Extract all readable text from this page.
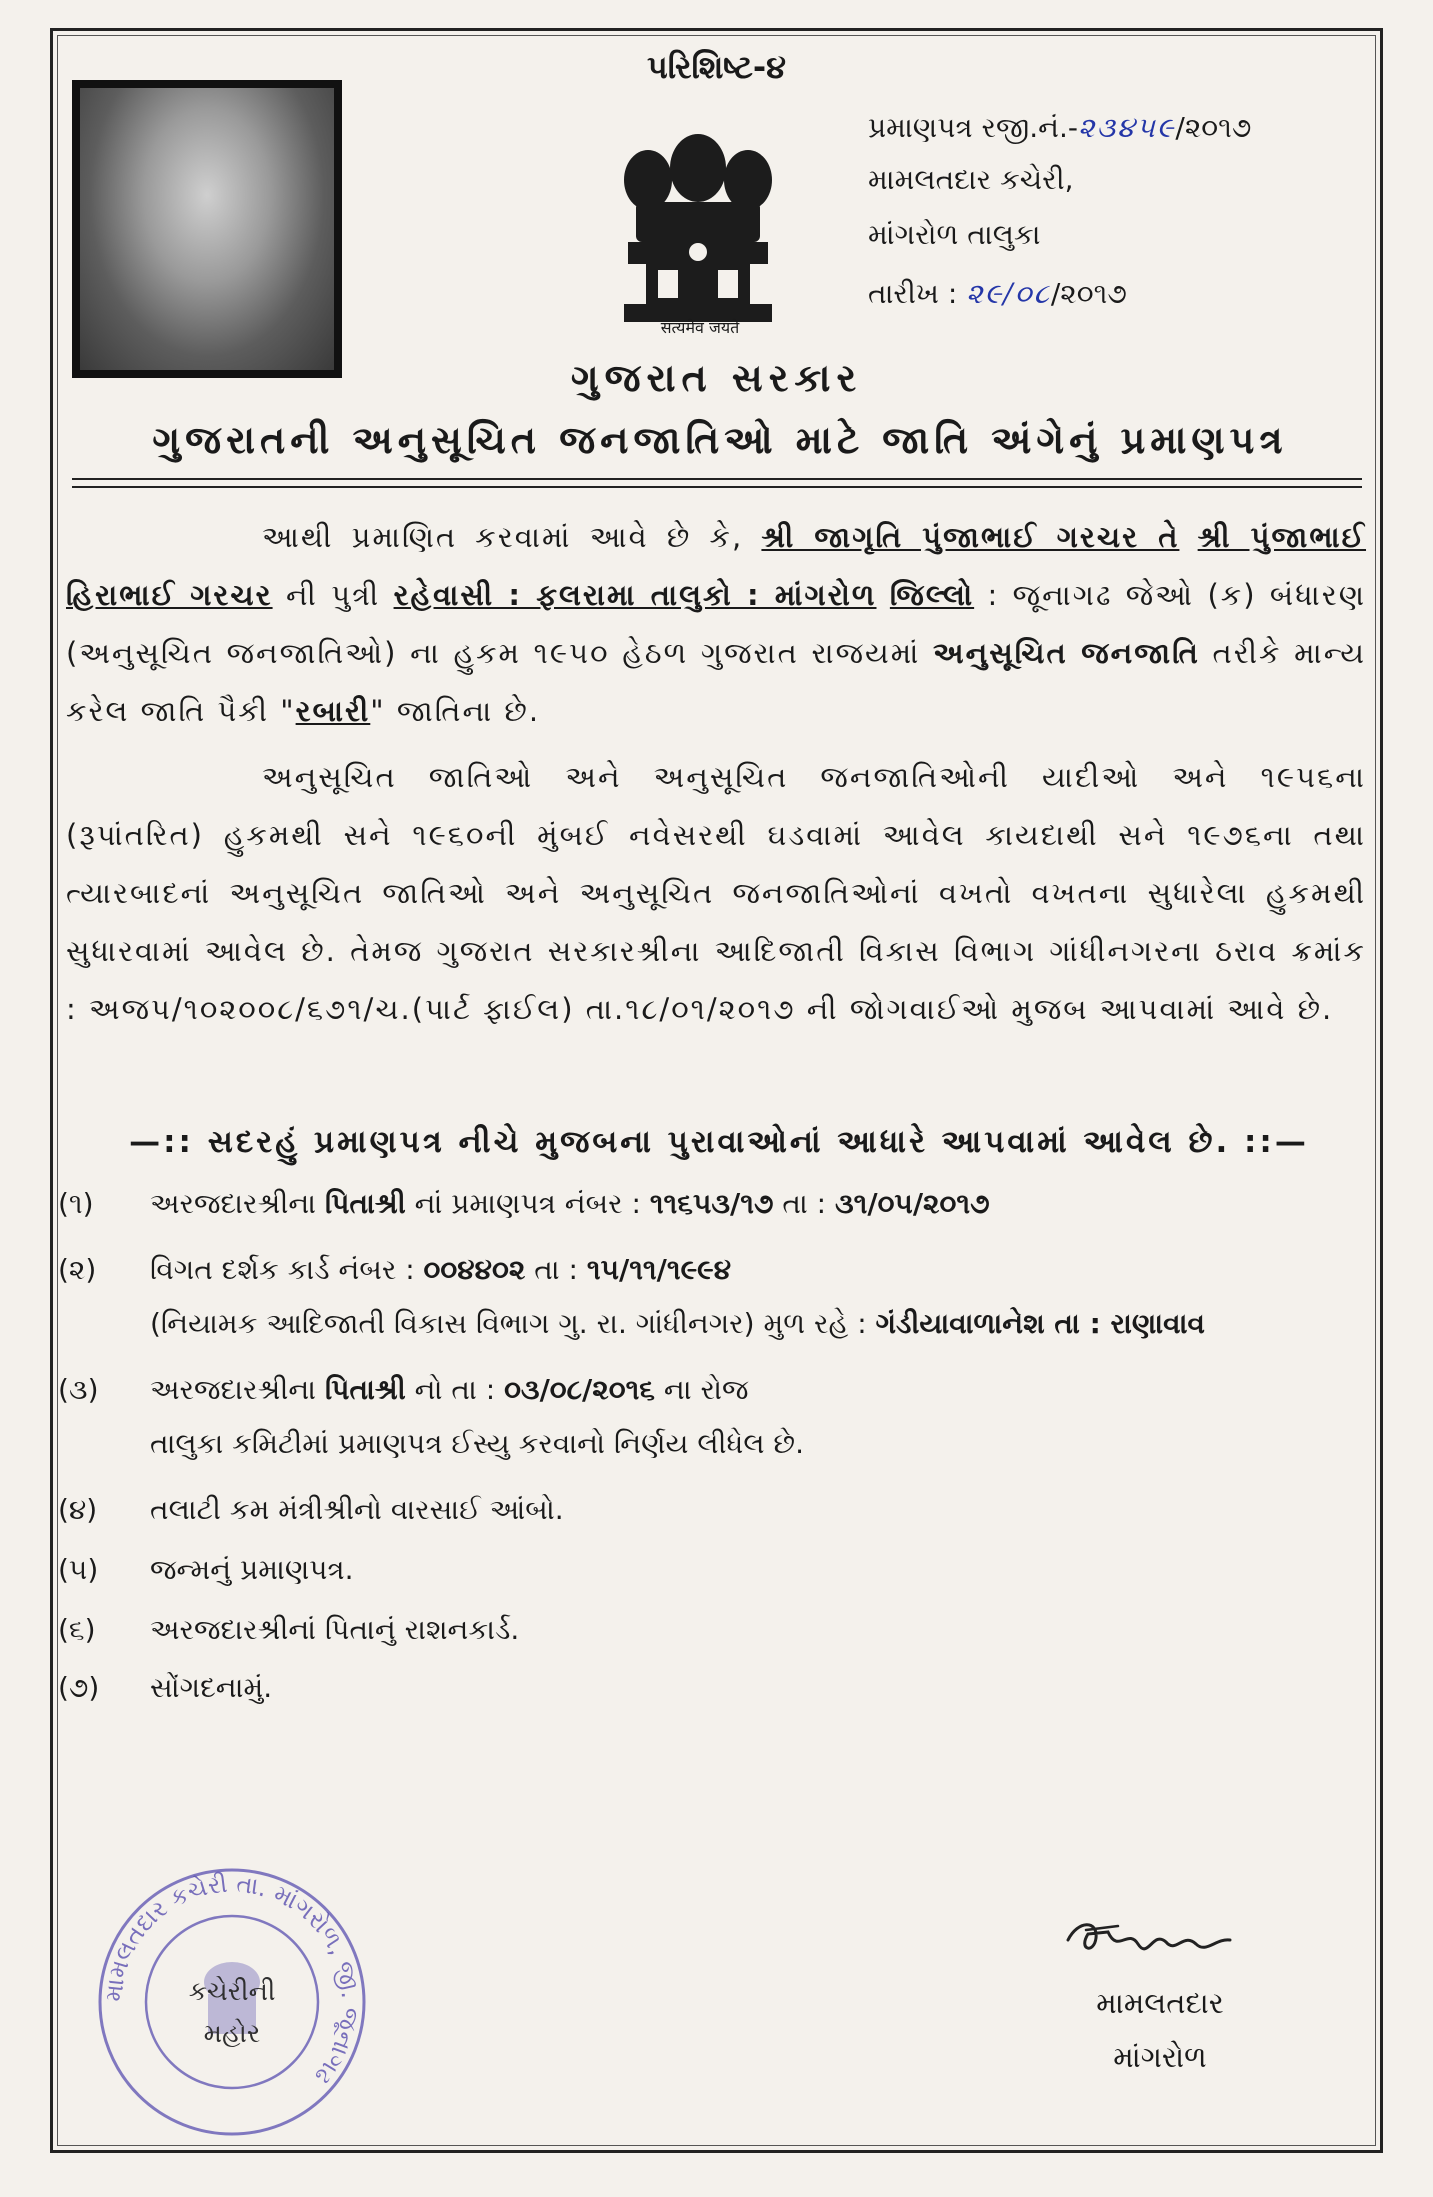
પરિશિષ્ટ-૪
सत्यमेव जयते
પ્રમાણપત્ર રજી.નં.-૨૩૪૫૯/૨૦૧૭
મામલતદાર કચેરી,
માંગરોળ તાલુકા
તારીખ : ૨૯/૦૮/૨૦૧૭
ગુજરાત સરકાર
ગુજરાતની અનુસૂચિત જનજાતિઓ માટે જાતિ અંગેનું પ્રમાણપત્ર

આથી પ્રમાણિત કરવામાં આવે છે કે, શ્રી જાગૃતિ પુંજાભાઈ ગરચર તે શ્રી પુંજાભાઈ હિરાભાઈ ગરચર ની પુત્રી રહેવાસી : ફલરામા તાલુકો : માંગરોળ જિલ્લો : જૂનાગઢ જેઓ (ક) બંધારણ (અનુસૂચિત જનજાતિઓ) ના હુકમ ૧૯૫૦ હેઠળ ગુજરાત રાજયમાં અનુસૂચિત જનજાતિ તરીકે માન્ય કરેલ જાતિ પૈકી "રબારી" જાતિના છે.

અનુસૂચિત જાતિઓ અને અનુસૂચિત જનજાતિઓની યાદીઓ અને ૧૯૫૬ના (રૂપાંતરિત) હુકમથી સને ૧૯૬૦ની મુંબઈ નવેસરથી ઘડવામાં આવેલ કાયદાથી સને ૧૯૭૬ના તથા ત્યારબાદનાં અનુસૂચિત જાતિઓ અને અનુસૂચિત જનજાતિઓનાં વખતો વખતના સુધારેલા હુકમથી સુધારવામાં આવેલ છે. તેમજ ગુજરાત સરકારશ્રીના આદિજાતી વિકાસ વિભાગ ગાંધીનગરના ઠરાવ ક્રમાંક : અજપ/૧૦૨૦૦૮/૬૭૧/ચ.(પાર્ટ ફાઈલ) તા.૧૮/૦૧/૨૦૧૭ ની જોગવાઈઓ મુજબ આપવામાં આવે છે.

—:: સદરહું પ્રમાણપત્ર નીચે મુજબના પુરાવાઓનાં આધારે આપવામાં આવેલ છે. ::—
(૧) અરજદારશ્રીના પિતાશ્રી નાં પ્રમાણપત્ર નંબર : ૧૧૬૫૩/૧૭ તા : ૩૧/૦૫/૨૦૧૭
(૨) વિગત દર્શક કાર્ડ નંબર : ૦૦૪૪૦૨ તા : ૧૫/૧૧/૧૯૯૪
(નિયામક આદિજાતી વિકાસ વિભાગ ગુ. રા. ગાંધીનગર) મુળ રહે : ગંડીયાવાળાનેશ તા : રાણાવાવ
(૩) અરજદારશ્રીના પિતાશ્રી નો તા : ૦૩/૦૮/૨૦૧૬ ના રોજ
તાલુકા કમિટીમાં પ્રમાણપત્ર ઈસ્યુ કરવાનો નિર્ણય લીધેલ છે.
(૪) તલાટી કમ મંત્રીશ્રીનો વારસાઈ આંબો.
(૫) જન્મનું પ્રમાણપત્ર.
(૬) અરજદારશ્રીનાં પિતાનું રાશનકાર્ડ.
(૭) સોંગદનામું.
મામલતદાર કચેરી તા. માંગરોળ, જી. જૂનાગઢ
કચેરીની
મહોર
મામલતદાર
માંગરોળ
